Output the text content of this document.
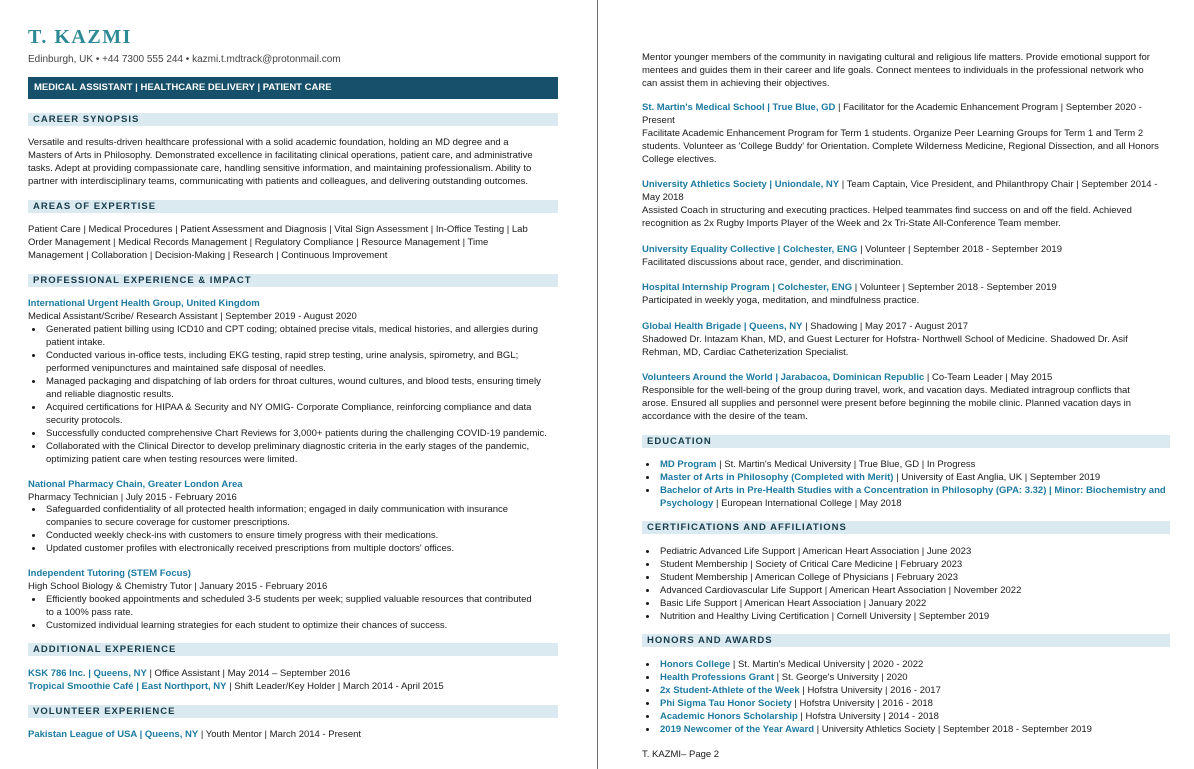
T. KAZMI
Edinburgh, UK • +44 7300 555 244 • kazmi.t.mdtrack@protonmail.com
MEDICAL ASSISTANT | HEALTHCARE DELIVERY | PATIENT CARE
CAREER SYNOPSIS
Versatile and results-driven healthcare professional with a solid academic foundation, holding an MD degree and a
Masters of Arts in Philosophy. Demonstrated excellence in facilitating clinical operations, patient care, and administrative
tasks. Adept at providing compassionate care, handling sensitive information, and maintaining professionalism. Ability to
partner with interdisciplinary teams, communicating with patients and colleagues, and delivering outstanding outcomes.
AREAS OF EXPERTISE
Patient Care | Medical Procedures | Patient Assessment and Diagnosis | Vital Sign Assessment | In-Office Testing | Lab
Order Management | Medical Records Management | Regulatory Compliance | Resource Management | Time
Management | Collaboration | Decision-Making | Research | Continuous Improvement
PROFESSIONAL EXPERIENCE & IMPACT
International Urgent Health Group, United Kingdom
Medical Assistant/Scribe/ Research Assistant | September 2019 - August 2020
• Generated patient billing using ICD10 and CPT coding; obtained precise vitals, medical histories, and allergies during
patient intake.
• Conducted various in-office tests, including EKG testing, rapid strep testing, urine analysis, spirometry, and BGL;
performed venipunctures and maintained safe disposal of needles.
• Managed packaging and dispatching of lab orders for throat cultures, wound cultures, and blood tests, ensuring timely
and reliable diagnostic results.
• Acquired certifications for HIPAA & Security and NY OMIG- Corporate Compliance, reinforcing compliance and data
security protocols.
• Successfully conducted comprehensive Chart Reviews for 3,000+ patients during the challenging COVID-19 pandemic.
• Collaborated with the Clinical Director to develop preliminary diagnostic criteria in the early stages of the pandemic,
optimizing patient care when testing resources were limited.
National Pharmacy Chain, Greater London Area
Pharmacy Technician | July 2015 - February 2016
• Safeguarded confidentiality of all protected health information; engaged in daily communication with insurance
companies to secure coverage for customer prescriptions.
• Conducted weekly check-ins with customers to ensure timely progress with their medications.
• Updated customer profiles with electronically received prescriptions from multiple doctors' offices.
Independent Tutoring (STEM Focus)
High School Biology & Chemistry Tutor | January 2015 - February 2016
• Efficiently booked appointments and scheduled 3-5 students per week; supplied valuable resources that contributed
to a 100% pass rate.
• Customized individual learning strategies for each student to optimize their chances of success.
ADDITIONAL EXPERIENCE
KSK 786 Inc. | Queens, NY | Office Assistant | May 2014 – September 2016
Tropical Smoothie Café | East Northport, NY | Shift Leader/Key Holder | March 2014 - April 2015
VOLUNTEER EXPERIENCE
Pakistan League of USA | Queens, NY | Youth Mentor | March 2014 - Present
Mentor younger members of the community in navigating cultural and religious life matters. Provide emotional support for
mentees and guides them in their career and life goals. Connect mentees to individuals in the professional network who
can assist them in achieving their objectives.
St. Martin's Medical School | True Blue, GD | Facilitator for the Academic Enhancement Program | September 2020 -
Present
Facilitate Academic Enhancement Program for Term 1 students. Organize Peer Learning Groups for Term 1 and Term 2
students. Volunteer as 'College Buddy' for Orientation. Complete Wilderness Medicine, Regional Dissection, and all Honors
College electives.
University Athletics Society | Uniondale, NY | Team Captain, Vice President, and Philanthropy Chair | September 2014 -
May 2018
Assisted Coach in structuring and executing practices. Helped teammates find success on and off the field. Achieved
recognition as 2x Rugby Imports Player of the Week and 2x Tri-State All-Conference Team member.
University Equality Collective | Colchester, ENG | Volunteer | September 2018 - September 2019
Facilitated discussions about race, gender, and discrimination.
Hospital Internship Program | Colchester, ENG | Volunteer | September 2018 - September 2019
Participated in weekly yoga, meditation, and mindfulness practice.
Global Health Brigade | Queens, NY | Shadowing | May 2017 - August 2017
Shadowed Dr. Intazam Khan, MD, and Guest Lecturer for Hofstra- Northwell School of Medicine. Shadowed Dr. Asif
Rehman, MD, Cardiac Catheterization Specialist.
Volunteers Around the World | Jarabacoa, Dominican Republic | Co-Team Leader | May 2015
Responsible for the well-being of the group during travel, work, and vacation days. Mediated intragroup conflicts that
arose. Ensured all supplies and personnel were present before beginning the mobile clinic. Planned vacation days in
accordance with the desire of the team.
EDUCATION
• MD Program | St. Martin's Medical University | True Blue, GD | In Progress
• Master of Arts in Philosophy (Completed with Merit) | University of East Anglia, UK | September 2019
• Bachelor of Arts in Pre-Health Studies with a Concentration in Philosophy (GPA: 3.32) | Minor: Biochemistry and
Psychology | European International College | May 2018
CERTIFICATIONS AND AFFILIATIONS
• Pediatric Advanced Life Support | American Heart Association | June 2023
• Student Membership | Society of Critical Care Medicine | February 2023
• Student Membership | American College of Physicians | February 2023
• Advanced Cardiovascular Life Support | American Heart Association | November 2022
• Basic Life Support | American Heart Association | January 2022
• Nutrition and Healthy Living Certification | Cornell University | September 2019
HONORS AND AWARDS
• Honors College | St. Martin's Medical University | 2020 - 2022
• Health Professions Grant | St. George's University | 2020
• 2x Student-Athlete of the Week | Hofstra University | 2016 - 2017
• Phi Sigma Tau Honor Society | Hofstra University | 2016 - 2018
• Academic Honors Scholarship | Hofstra University | 2014 - 2018
• 2019 Newcomer of the Year Award | University Athletics Society | September 2018 - September 2019
T. KAZMI– Page 2
